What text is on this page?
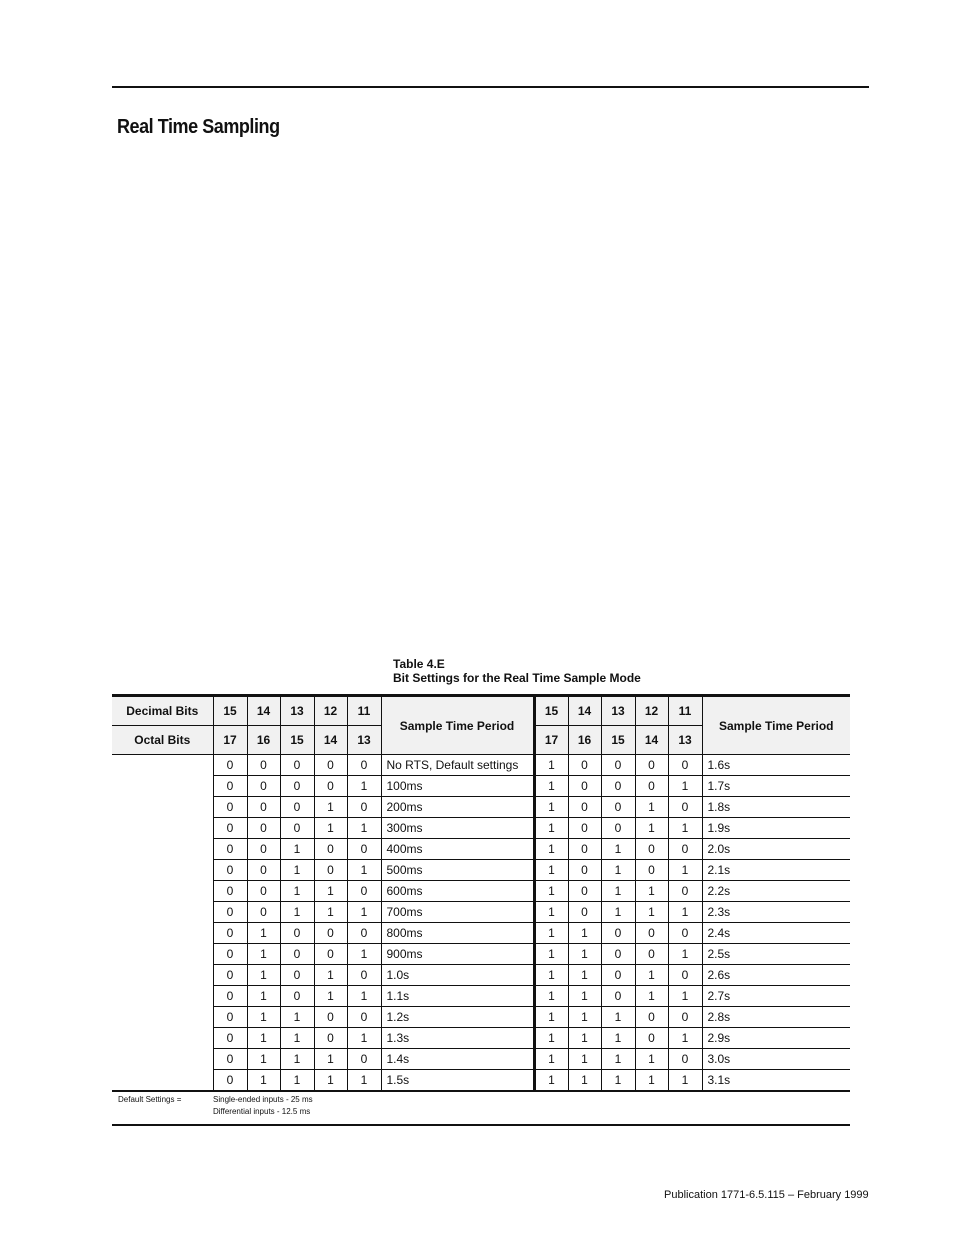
Real Time Sampling
Table 4.E
Bit Settings for the Real Time Sample Mode
Decimal Bits	15	14	13	12	11	Sample Time Period	15	14	13	12	11	Sample Time Period
Octal Bits	17	16	15	14	13		17	16	15	14	13	
	0	0	0	0	0	No RTS, Default settings	1	0	0	0	0	1.6s
	0	0	0	0	1	100ms	1	0	0	0	1	1.7s
	0	0	0	1	0	200ms	1	0	0	1	0	1.8s
	0	0	0	1	1	300ms	1	0	0	1	1	1.9s
	0	0	1	0	0	400ms	1	0	1	0	0	2.0s
	0	0	1	0	1	500ms	1	0	1	0	1	2.1s
	0	0	1	1	0	600ms	1	0	1	1	0	2.2s
	0	0	1	1	1	700ms	1	0	1	1	1	2.3s
	0	1	0	0	0	800ms	1	1	0	0	0	2.4s
	0	1	0	0	1	900ms	1	1	0	0	1	2.5s
	0	1	0	1	0	1.0s	1	1	0	1	0	2.6s
	0	1	0	1	1	1.1s	1	1	0	1	1	2.7s
	0	1	1	0	0	1.2s	1	1	1	0	0	2.8s
	0	1	1	0	1	1.3s	1	1	1	0	1	2.9s
	0	1	1	1	0	1.4s	1	1	1	1	0	3.0s
	0	1	1	1	1	1.5s	1	1	1	1	1	3.1s
Default Settings =	Single-ended inputs - 25 ms
Differential inputs - 12.5 ms											

Publication 1771-6.5.115 – February 1999
